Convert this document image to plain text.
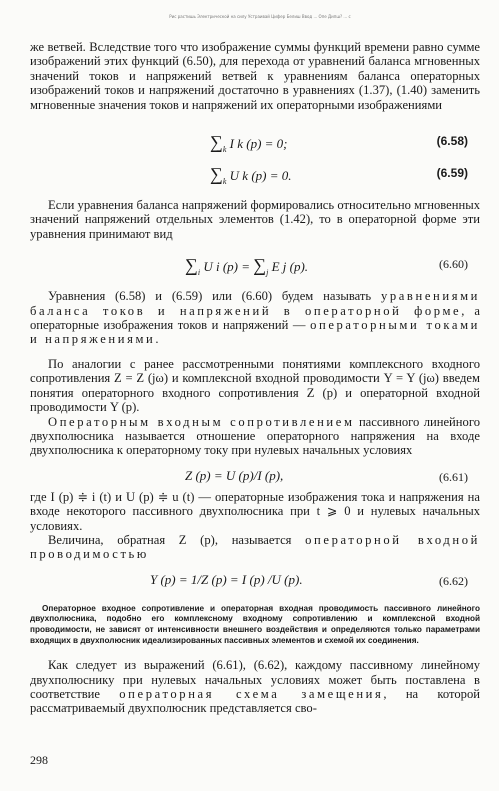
Рис растишь Электрической на силу Устраивай Цифер Белиш Ввод ... Опе Дипш? ... с

же ветвей. Вследствие того что изображение суммы функций времени равно сумме изображений этих функций (6.50), для перехода от уравнений баланса мгновенных значений токов и напряжений ветвей к уравнениям баланса операторных изображений токов и напряжений достаточно в уравнениях (1.37), (1.40) заменить мгновенные значения токов и напряжений их операторными изображениями

$\sum_k$ I k (p) = 0;	(6.58)
$\sum_k$ U k (p) = 0.	(6.59)

Если уравнения баланса напряжений формировались относительно мгновенных значений напряжений отдельных элементов (1.42), то в операторной форме эти уравнения принимают вид

$\sum_i$ U i $(p) = \sum_j$ E j (p).	(6.60)

Уравнения (6.58) и (6.59) или (6.60) будем называть уравнениями баланса токов и напряжений в операторной форме, а операторные изображения токов и напряжений — операторными токами и напряжениями.

По аналогии с ранее рассмотренными понятиями комплексного входного сопротивления Z = Z (jω) и комплексной входной проводимости Y = Y (jω) введем понятия операторного входного сопротивления Z (p) и операторной входной проводимости Y (p).

Операторным входным сопротивлением пассивного линейного двухполюсника называется отношение операторного напряжения на входе двухполюсника к операторному току при нулевых начальных условиях

Z (p) = U (p)/I (p),	(6.61)

где I (p) ≑ i (t) и U (p) ≑ u (t) — операторные изображения тока и напряжения на входе некоторого пассивного двухполюсника при t ⩾ 0 и нулевых начальных условиях.

Величина, обратная Z (p), называется операторной входной проводимостью

Y (p) = 1/Z (p) = I (p) /U (p).	(6.62)

Операторное входное сопротивление и операторная входная проводимость пассивного линейного двухполюсника, подобно его комплексному входному сопротивлению и комплексной входной проводимости, не зависят от интенсивности внешнего воздействия и определяются только параметрами входящих в двухполюсник идеализированных пассивных элементов и схемой их соединения.

Как следует из выражений (6.61), (6.62), каждому пассивному линейному двухполюснику при нулевых начальных условиях может быть поставлена в соответствие операторная схема замещения, на которой рассматриваемый двухполюсник представляется сво-

298
